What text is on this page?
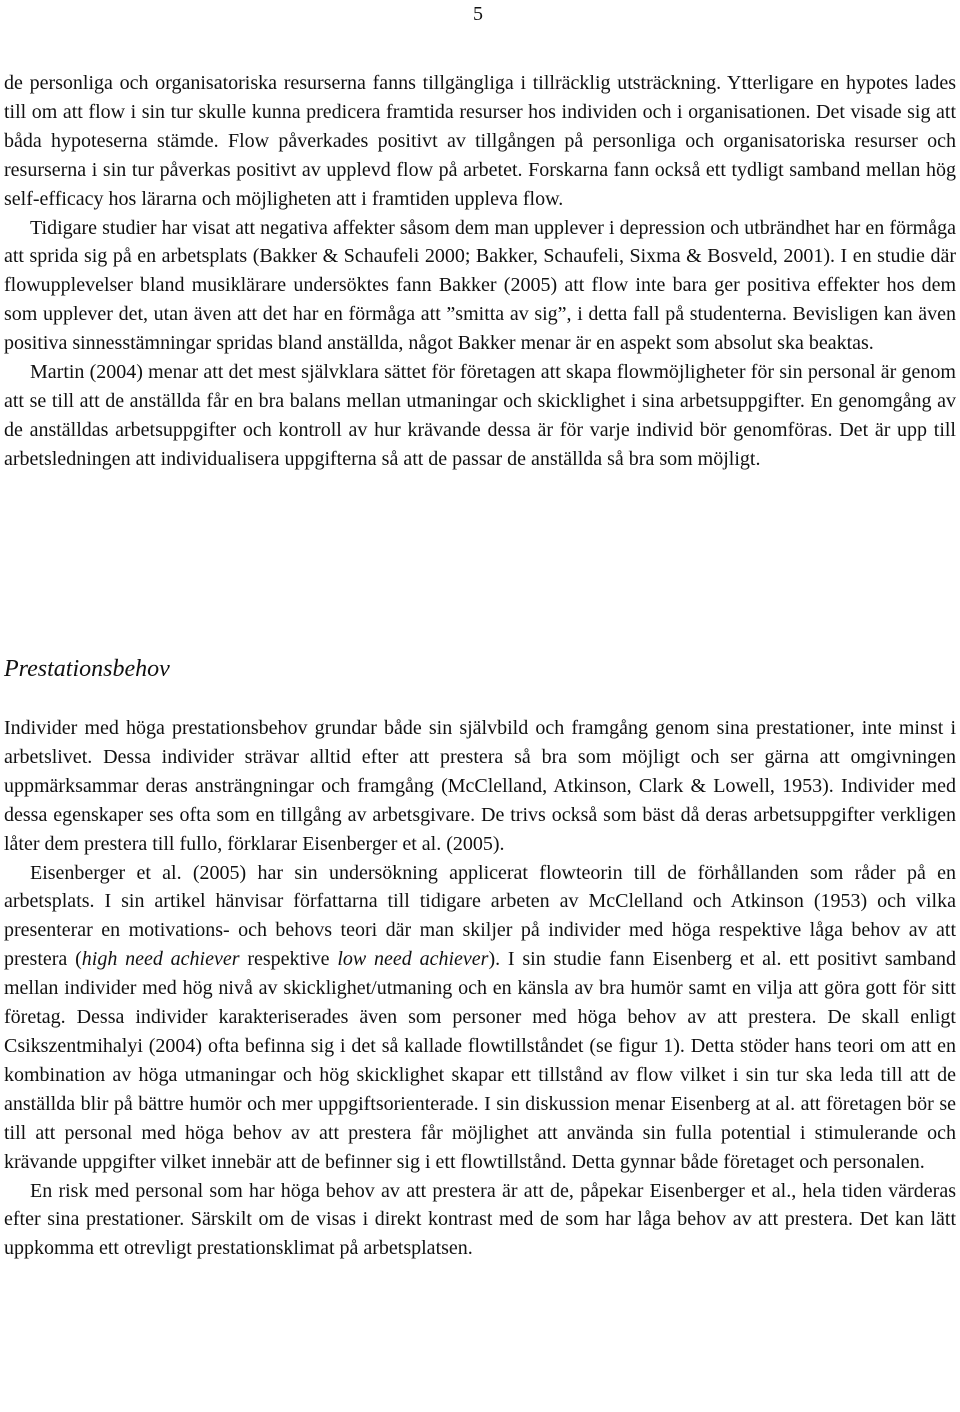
5

de personliga och organisatoriska resurserna fanns tillgängliga i tillräcklig utsträckning. Ytterligare en hypotes lades till om att flow i sin tur skulle kunna predicera framtida resurser hos individen och i organisationen. Det visade sig att båda hypoteserna stämde. Flow påverkades positivt av tillgången på personliga och organisatoriska resurser och resurserna i sin tur påverkas positivt av upplevd flow på arbetet. Forskarna fann också ett tydligt samband mellan hög self-efficacy hos lärarna och möjligheten att i framtiden uppleva flow.

Tidigare studier har visat att negativa affekter såsom dem man upplever i depression och utbrändhet har en förmåga att sprida sig på en arbetsplats (Bakker & Schaufeli 2000; Bakker, Schaufeli, Sixma & Bosveld, 2001). I en studie där flowupplevelser bland musiklärare undersöktes fann Bakker (2005) att flow inte bara ger positiva effekter hos dem som upplever det, utan även att det har en förmåga att ”smitta av sig”, i detta fall på studenterna. Bevisligen kan även positiva sinnesstämningar spridas bland anställda, något Bakker menar är en aspekt som absolut ska beaktas.

Martin (2004) menar att det mest självklara sättet för företagen att skapa flowmöjligheter för sin personal är genom att se till att de anställda får en bra balans mellan utmaningar och skicklighet i sina arbetsuppgifter. En genomgång av de anställdas arbetsuppgifter och kontroll av hur krävande dessa är för varje individ bör genomföras. Det är upp till arbetsledningen att individualisera uppgifterna så att de passar de anställda så bra som möjligt.

Prestationsbehov

Individer med höga prestationsbehov grundar både sin självbild och framgång genom sina prestationer, inte minst i arbetslivet. Dessa individer strävar alltid efter att prestera så bra som möjligt och ser gärna att omgivningen uppmärksammar deras ansträngningar och framgång (McClelland, Atkinson, Clark & Lowell, 1953). Individer med dessa egenskaper ses ofta som en tillgång av arbetsgivare. De trivs också som bäst då deras arbetsuppgifter verkligen låter dem prestera till fullo, förklarar Eisenberger et al. (2005).

Eisenberger et al. (2005) har sin undersökning applicerat flowteorin till de förhållanden som råder på en arbetsplats. I sin artikel hänvisar författarna till tidigare arbeten av McClelland och Atkinson (1953) och vilka presenterar en motivations- och behovs teori där man skiljer på individer med höga respektive låga behov av att prestera (high need achiever respektive low need achiever). I sin studie fann Eisenberg et al. ett positivt samband mellan individer med hög nivå av skicklighet/utmaning och en känsla av bra humör samt en vilja att göra gott för sitt företag. Dessa individer karakteriserades även som personer med höga behov av att prestera. De skall enligt Csikszentmihalyi (2004) ofta befinna sig i det så kallade flowtillståndet (se figur 1). Detta stöder hans teori om att en kombination av höga utmaningar och hög skicklighet skapar ett tillstånd av flow vilket i sin tur ska leda till att de anställda blir på bättre humör och mer uppgiftsorienterade. I sin diskussion menar Eisenberg at al. att företagen bör se till att personal med höga behov av att prestera får möjlighet att använda sin fulla potential i stimulerande och krävande uppgifter vilket innebär att de befinner sig i ett flowtillstånd. Detta gynnar både företaget och personalen.

En risk med personal som har höga behov av att prestera är att de, påpekar Eisenberger et al., hela tiden värderas efter sina prestationer. Särskilt om de visas i direkt kontrast med de som har låga behov av att prestera. Det kan lätt uppkomma ett otrevligt prestationsklimat på arbetsplatsen.
